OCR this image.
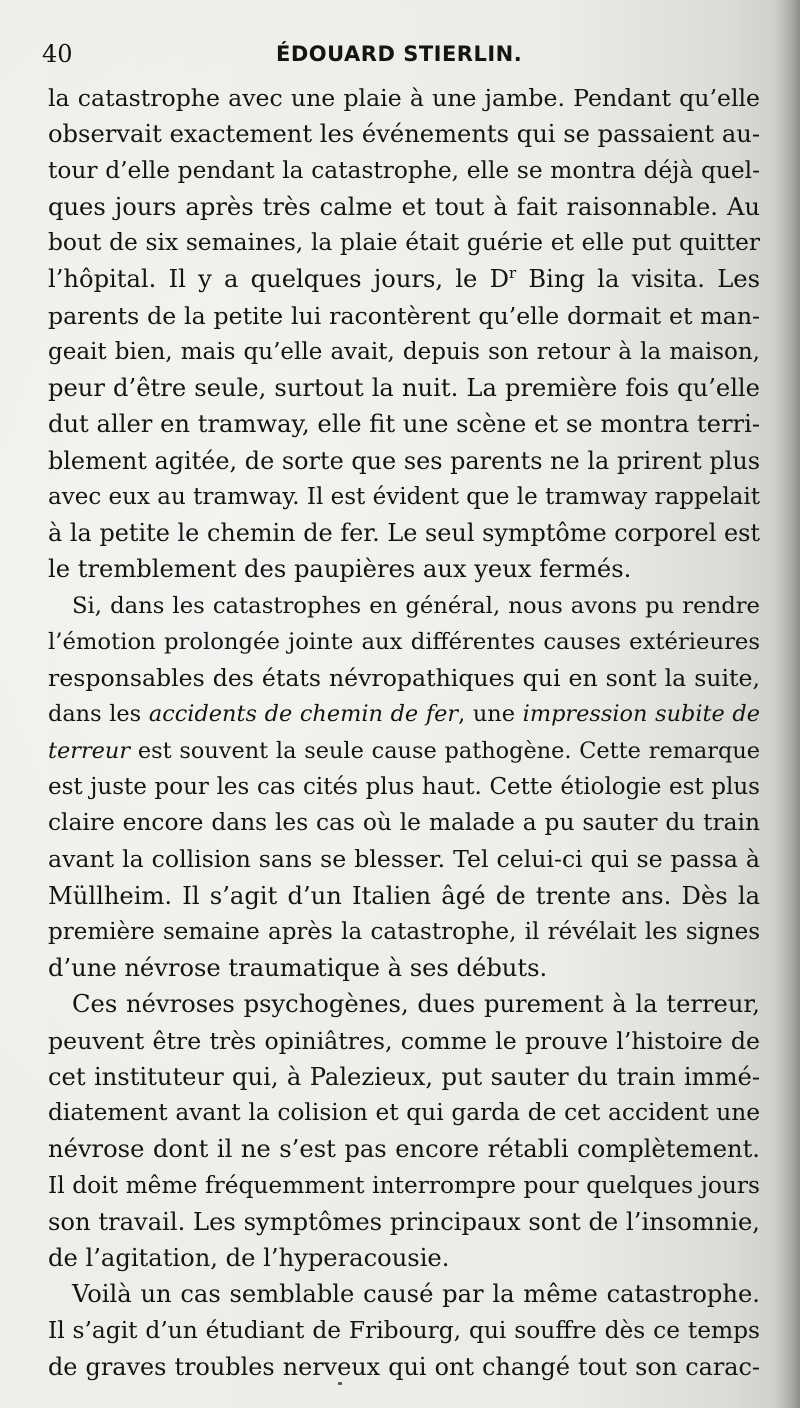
40	ÉDOUARD STIERLIN.
la catastrophe avec une plaie à une jambe. Pendant qu’elle
observait exactement les événements qui se passaient au-
tour d’elle pendant la catastrophe, elle se montra déjà quel-
ques jours après très calme et tout à fait raisonnable. Au
bout de six semaines, la plaie était guérie et elle put quitter
l’hôpital. Il y a quelques jours, le $D^r$ Bing la visita. Les
parents de la petite lui racontèrent qu’elle dormait et man-
geait bien, mais qu’elle avait, depuis son retour à la maison,
peur d’être seule, surtout la nuit. La première fois qu’elle
dut aller en tramway, elle fit une scène et se montra terri-
blement agitée, de sorte que ses parents ne la prirent plus
avec eux au tramway. Il est évident que le tramway rappelait
à la petite le chemin de fer. Le seul symptôme corporel est
le tremblement des paupières aux yeux fermés.
Si, dans les catastrophes en général, nous avons pu rendre
l’émotion prolongée jointe aux différentes causes extérieures
responsables des états névropathiques qui en sont la suite,
dans les accidents de chemin de fer, une impression subite de
terreur est souvent la seule cause pathogène. Cette remarque
est juste pour les cas cités plus haut. Cette étiologie est plus
claire encore dans les cas où le malade a pu sauter du train
avant la collision sans se blesser. Tel celui-ci qui se passa à
Müllheim. Il s’agit d’un Italien âgé de trente ans. Dès la
première semaine après la catastrophe, il révélait les signes
d’une névrose traumatique à ses débuts.
Ces névroses psychogènes, dues purement à la terreur,
peuvent être très opiniâtres, comme le prouve l’histoire de
cet instituteur qui, à Palezieux, put sauter du train immé-
diatement avant la colision et qui garda de cet accident une
névrose dont il ne s’est pas encore rétabli complètement.
Il doit même fréquemment interrompre pour quelques jours
son travail. Les symptômes principaux sont de l’insomnie,
de l’agitation, de l’hyperacousie.
Voilà un cas semblable causé par la même catastrophe.
Il s’agit d’un étudiant de Fribourg, qui souffre dès ce temps
de graves troubles nerveux qui ont changé tout son carac-
